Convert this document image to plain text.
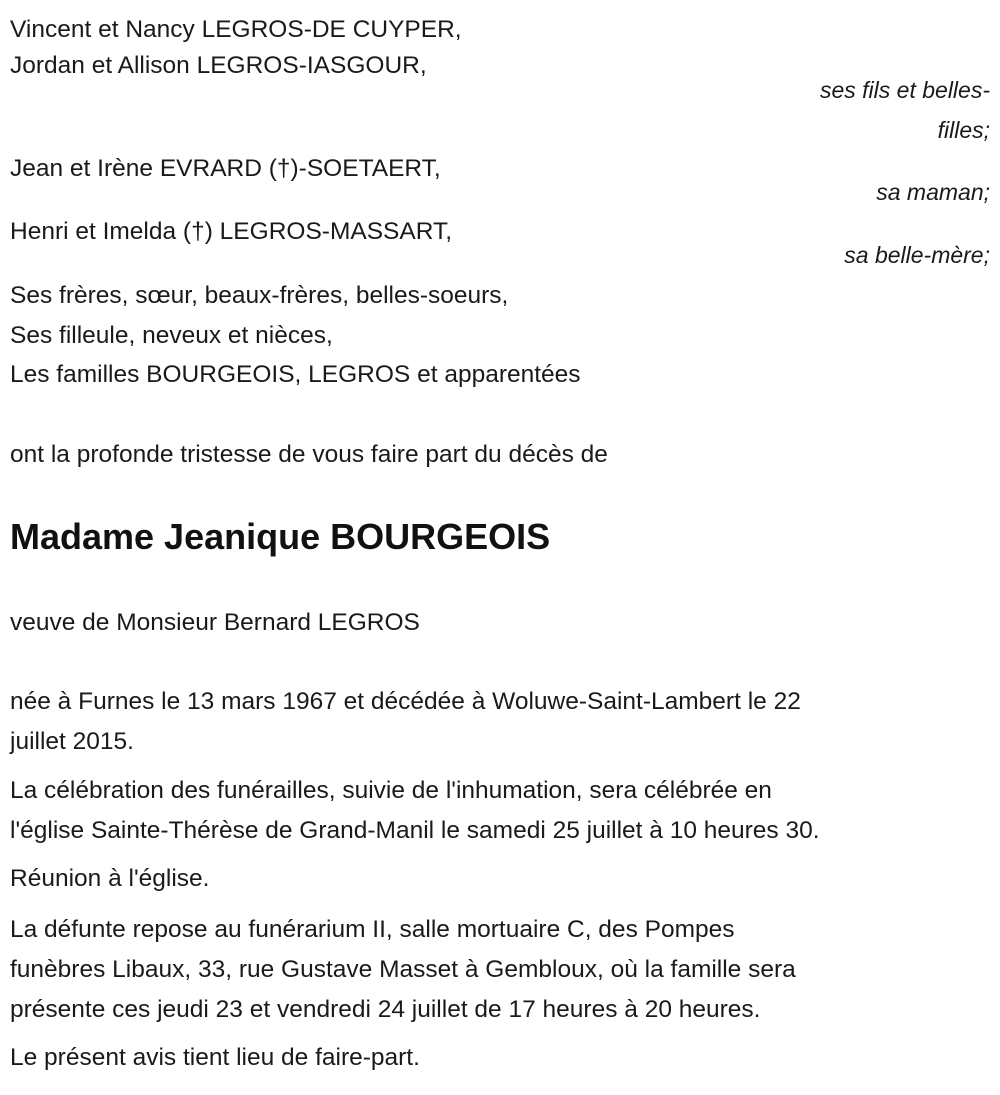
Vincent et Nancy LEGROS-DE CUYPER,
Jordan et Allison LEGROS-IASGOUR,
ses fils et belles-
filles;
Jean et Irène EVRARD (†)-SOETAERT,
sa maman;
Henri et Imelda (†) LEGROS-MASSART,
sa belle-mère;
Ses frères, sœur, beaux-frères, belles-soeurs,
Ses filleule, neveux et nièces,
Les familles BOURGEOIS, LEGROS et apparentées
ont la profonde tristesse de vous faire part du décès de
Madame Jeanique BOURGEOIS
veuve de Monsieur Bernard LEGROS
née à Furnes le 13 mars 1967 et décédée à Woluwe-Saint-Lambert le 22
juillet 2015.
La célébration des funérailles, suivie de l'inhumation, sera célébrée en
l'église Sainte-Thérèse de Grand-Manil le samedi 25 juillet à 10 heures 30.
Réunion à l'église.
La défunte repose au funérarium II, salle mortuaire C, des Pompes
funèbres Libaux, 33, rue Gustave Masset à Gembloux, où la famille sera
présente ces jeudi 23 et vendredi 24 juillet de 17 heures à 20 heures.
Le présent avis tient lieu de faire-part.
